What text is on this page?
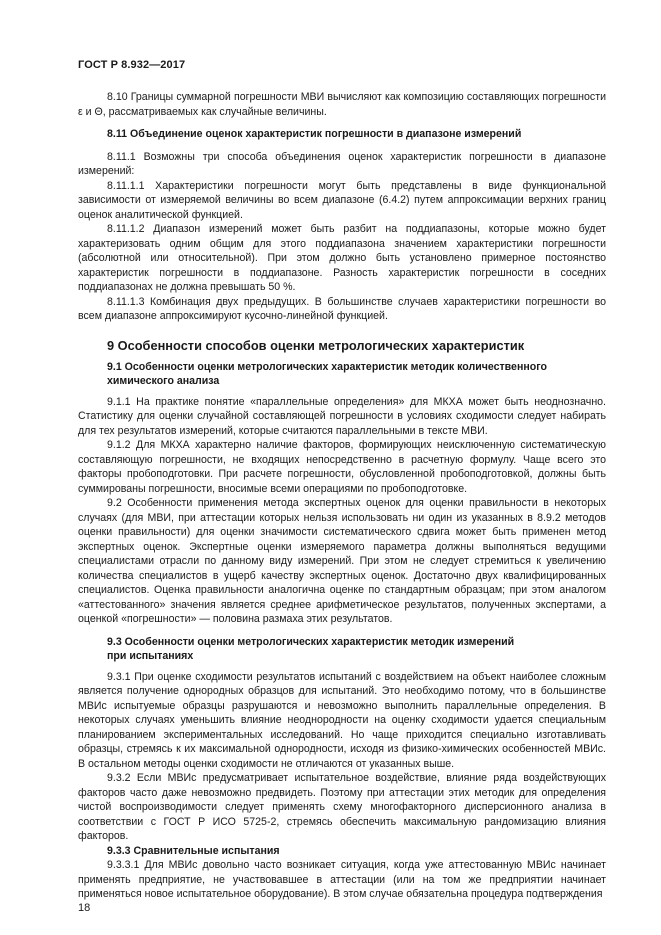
ГОСТ Р 8.932—2017

8.10 Границы суммарной погрешности МВИ вычисляют как композицию составляющих погрешности ε и Θ, рассматриваемых как случайные величины.

8.11 Объединение оценок характеристик погрешности в диапазоне измерений

8.11.1 Возможны три способа объединения оценок характеристик погрешности в диапазоне измерений:

8.11.1.1 Характеристики погрешности могут быть представлены в виде функциональной зависимости от измеряемой величины во всем диапазоне (6.4.2) путем аппроксимации верхних границ оценок аналитической функцией.

8.11.1.2 Диапазон измерений может быть разбит на поддиапазоны, которые можно будет характеризовать одним общим для этого поддиапазона значением характеристики погрешности (абсолютной или относительной). При этом должно быть установлено примерное постоянство характеристик погрешности в поддиапазоне. Разность характеристик погрешности в соседних поддиапазонах не должна превышать 50 %.

8.11.1.3 Комбинация двух предыдущих. В большинстве случаев характеристики погрешности во всем диапазоне аппроксимируют кусочно-линейной функцией.

9 Особенности способов оценки метрологических характеристик

9.1 Особенности оценки метрологических характеристик методик количественного
химического анализа

9.1.1 На практике понятие «параллельные определения» для МКХА может быть неоднозначно. Статистику для оценки случайной составляющей погрешности в условиях сходимости следует набирать для тех результатов измерений, которые считаются параллельными в тексте МВИ.

9.1.2 Для МКХА характерно наличие факторов, формирующих неисключенную систематическую составляющую погрешности, не входящих непосредственно в расчетную формулу. Чаще всего это факторы пробоподготовки. При расчете погрешности, обусловленной пробоподготовкой, должны быть суммированы погрешности, вносимые всеми операциями по пробоподготовке.

9.2 Особенности применения метода экспертных оценок для оценки правильности в некоторых случаях (для МВИ, при аттестации которых нельзя использовать ни один из указанных в 8.9.2 методов оценки правильности) для оценки значимости систематического сдвига может быть применен метод экспертных оценок. Экспертные оценки измеряемого параметра должны выполняться ведущими специалистами отрасли по данному виду измерений. При этом не следует стремиться к увеличению количества специалистов в ущерб качеству экспертных оценок. Достаточно двух квалифицированных специалистов. Оценка правильности аналогична оценке по стандартным образцам; при этом аналогом «аттестованного» значения является среднее арифметическое результатов, полученных экспертами, а оценкой «погрешности» — половина размаха этих результатов.

9.3 Особенности оценки метрологических характеристик методик измерений
при испытаниях

9.3.1 При оценке сходимости результатов испытаний с воздействием на объект наиболее сложным является получение однородных образцов для испытаний. Это необходимо потому, что в большинстве МВИс испытуемые образцы разрушаются и невозможно выполнить параллельные определения. В некоторых случаях уменьшить влияние неоднородности на оценку сходимости удается специальным планированием экспериментальных исследований. Но чаще приходится специально изготавливать образцы, стремясь к их максимальной однородности, исходя из физико-химических особенностей МВИс. В остальном методы оценки сходимости не отличаются от указанных выше.

9.3.2 Если МВИс предусматривает испытательное воздействие, влияние ряда воздействующих факторов часто даже невозможно предвидеть. Поэтому при аттестации этих методик для определения чистой воспроизводимости следует применять схему многофакторного дисперсионного анализа в соответствии с ГОСТ Р ИСО 5725-2, стремясь обеспечить максимальную рандомизацию влияния факторов.

9.3.3 Сравнительные испытания

9.3.3.1 Для МВИс довольно часто возникает ситуация, когда уже аттестованную МВИс начинает применять предприятие, не участвовавшее в аттестации (или на том же предприятии начинает применяться новое испытательное оборудование). В этом случае обязательна процедура подтверждения

18
